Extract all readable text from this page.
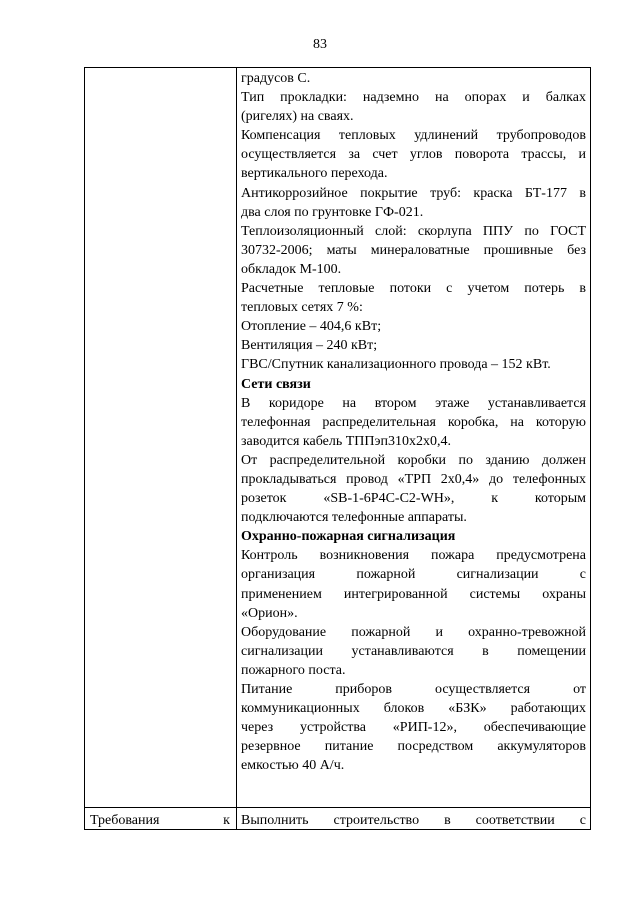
83
градусов С.
Тип прокладки: надземно на опорах и балках
(ригелях) на сваях.
Компенсация тепловых удлинений трубопроводов
осуществляется за счет углов поворота трассы, и
вертикального перехода.
Антикоррозийное покрытие труб: краска БТ-177 в
два слоя по грунтовке ГФ-021.
Теплоизоляционный слой: скорлупа ППУ по ГОСТ
30732-2006; маты минераловатные прошивные без
обкладок М-100.
Расчетные тепловые потоки с учетом потерь в
тепловых сетях 7 %:
Отопление – 404,6 кВт;
Вентиляция – 240 кВт;
ГВС/Спутник канализационного провода – 152 кВт.
Сети связи
В коридоре на втором этаже устанавливается
телефонная распределительная коробка, на которую
заводится кабель ТППэп310х2х0,4.
От распределительной коробки по зданию должен
прокладываться провод «ТРП 2х0,4» до телефонных
розеток «SB-1-6P4C-C2-WH», к которым
подключаются телефонные аппараты.
Охранно-пожарная сигнализация
Контроль возникновения пожара предусмотрена
организация пожарной сигнализации с
применением интегрированной системы охраны
«Орион».
Оборудование пожарной и охранно-тревожной
сигнализации устанавливаются в помещении
пожарного поста.
Питание приборов осуществляется от
коммуникационных блоков «БЗК» работающих
через устройства «РИП-12», обеспечивающие
резервное питание посредством аккумуляторов
емкостью 40 А/ч.
Требования к Выполнить строительство в соответствии с
